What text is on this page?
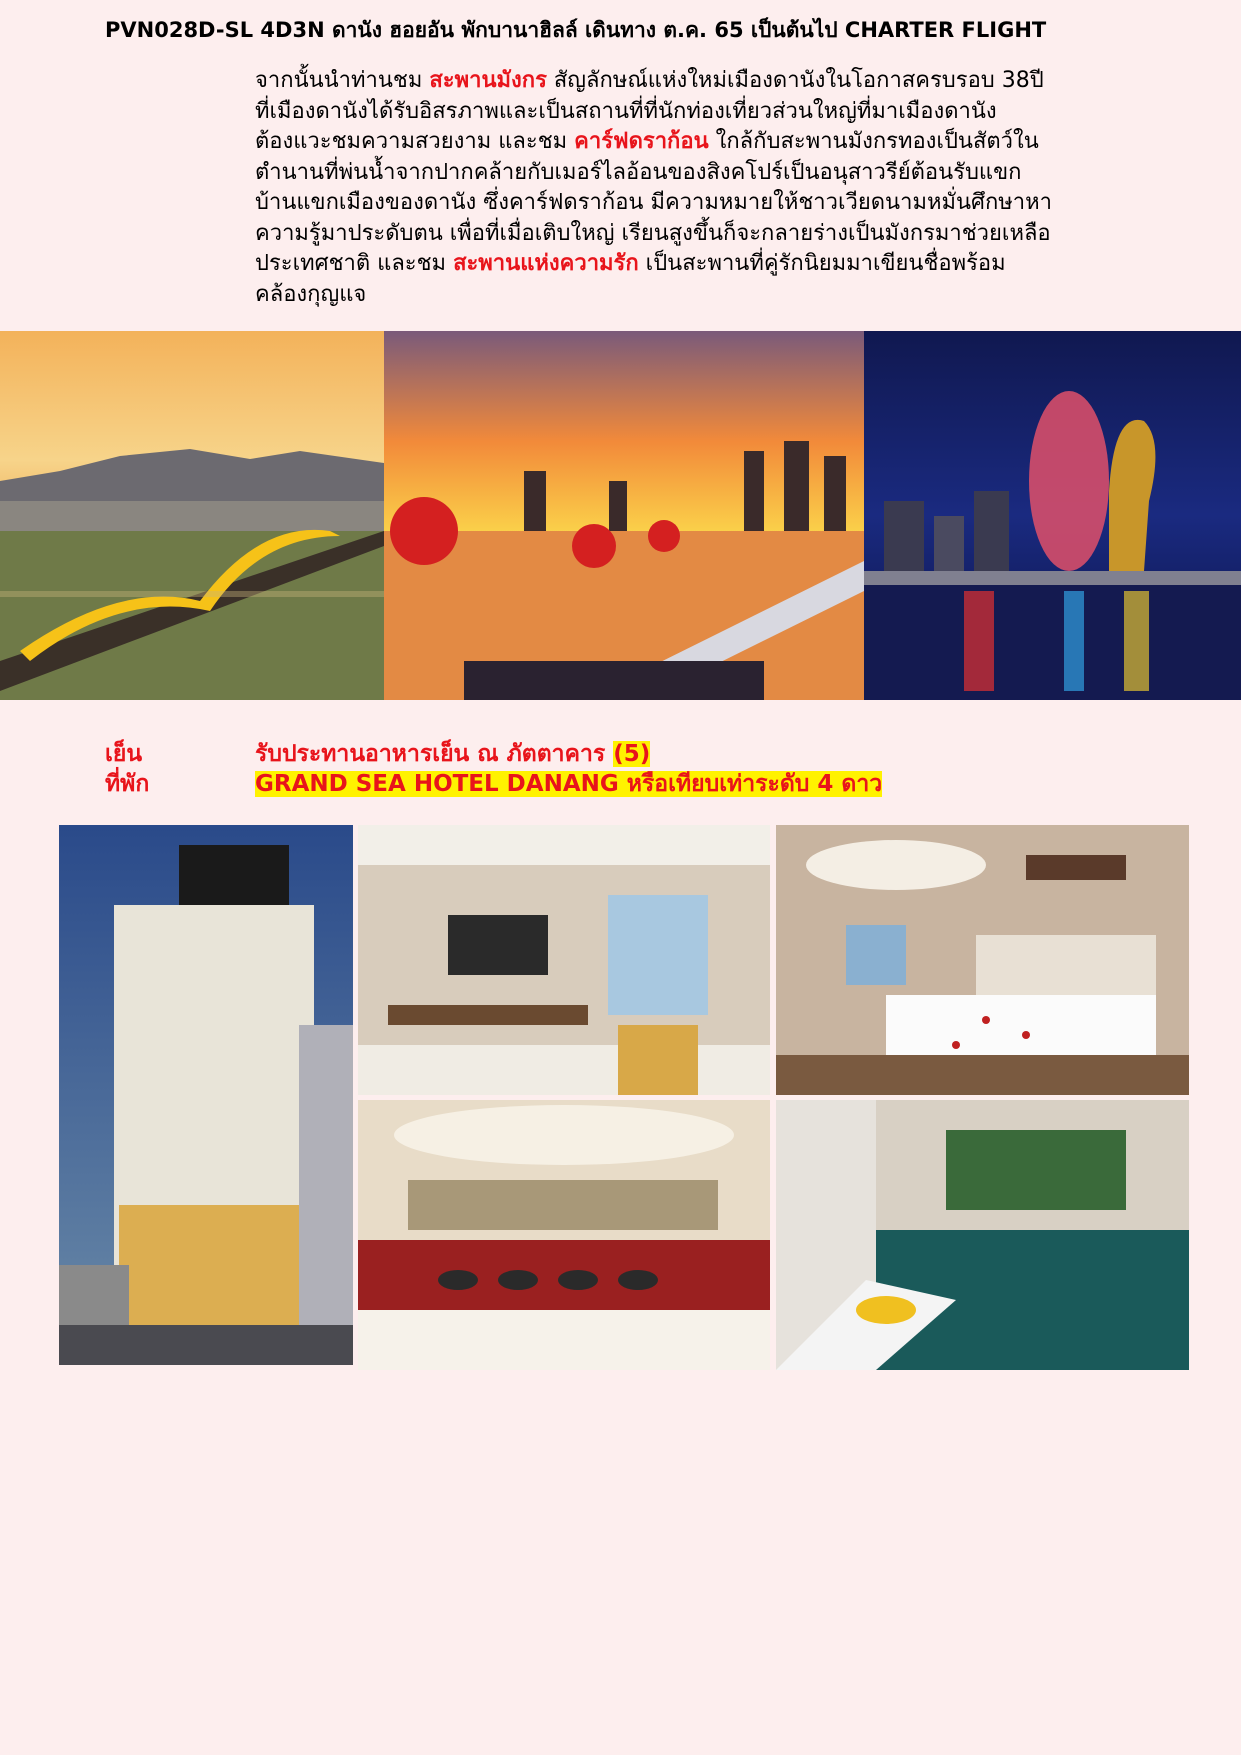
PVN028D-SL 4D3N ดานัง ฮอยอัน พักบานาฮิลล์ เดินทาง ต.ค. 65 เป็นต้นไป CHARTER FLIGHT
จากนั้นนำท่านชม สะพานมังกร สัญลักษณ์แห่งใหม่เมืองดานังในโอกาสครบรอบ 38ปี
ที่เมืองดานังได้รับอิสรภาพและเป็นสถานที่ที่นักท่องเที่ยวส่วนใหญ่ที่มาเมืองดานัง
ต้องแวะชมความสวยงาม และชม คาร์ฟดราก้อน ใกล้กับสะพานมังกรทองเป็นสัตว์ใน
ตำนานที่พ่นน้ำจากปากคล้ายกับเมอร์ไลอ้อนของสิงคโปร์เป็นอนุสาวรีย์ต้อนรับแขก
บ้านแขกเมืองของดานัง ซึ่งคาร์ฟดราก้อน มีความหมายให้ชาวเวียดนามหมั่นศึกษาหา
ความรู้มาประดับตน เพื่อที่เมื่อเติบใหญ่ เรียนสูงขึ้นก็จะกลายร่างเป็นมังกรมาช่วยเหลือ
ประเทศชาติ และชม สะพานแห่งความรัก เป็นสะพานที่คู่รักนิยมมาเขียนชื่อพร้อม
คล้องกุญแจ
เย็น	รับประทานอาหารเย็น ณ ภัตตาคาร (5)
ที่พัก	GRAND SEA HOTEL DANANG หรือเทียบเท่าระดับ 4 ดาว
